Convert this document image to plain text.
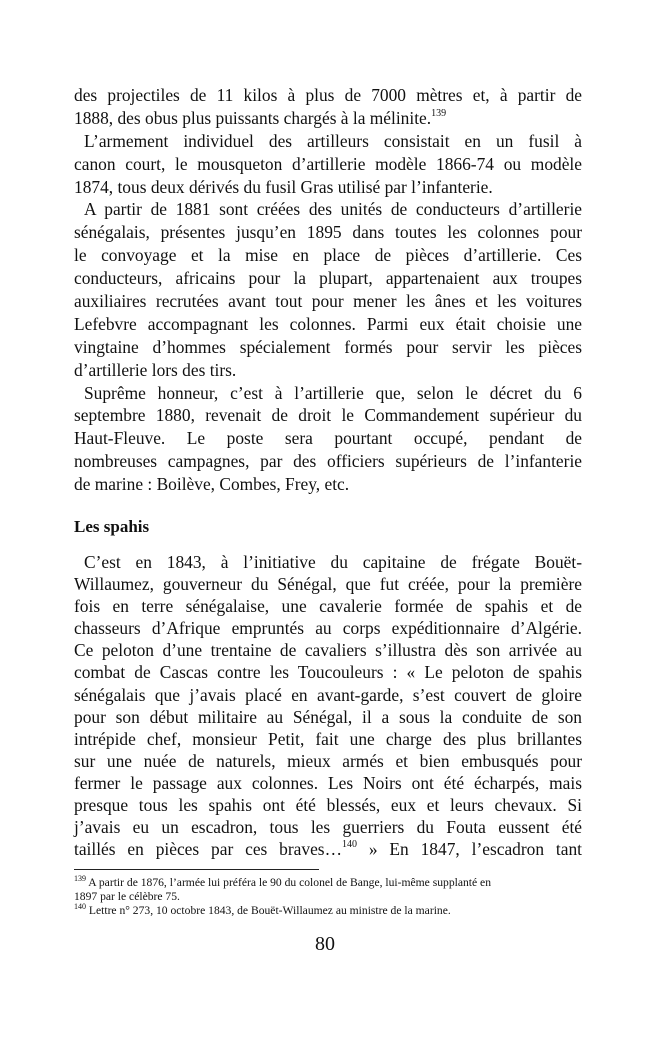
des projectiles de 11 kilos à plus de 7000 mètres et, à partir de
1888, des obus plus puissants chargés à la mélinite.$^{139}$
L’armement individuel des artilleurs consistait en un fusil à
canon court, le mousqueton d’artillerie modèle 1866-74 ou modèle
1874, tous deux dérivés du fusil Gras utilisé par l’infanterie.
A partir de 1881 sont créées des unités de conducteurs d’artillerie
sénégalais, présentes jusqu’en 1895 dans toutes les colonnes pour
le convoyage et la mise en place de pièces d’artillerie. Ces
conducteurs, africains pour la plupart, appartenaient aux troupes
auxiliaires recrutées avant tout pour mener les ânes et les voitures
Lefebvre accompagnant les colonnes. Parmi eux était choisie une
vingtaine d’hommes spécialement formés pour servir les pièces
d’artillerie lors des tirs.
Suprême honneur, c’est à l’artillerie que, selon le décret du 6
septembre 1880, revenait de droit le Commandement supérieur du
Haut-Fleuve. Le poste sera pourtant occupé, pendant de
nombreuses campagnes, par des officiers supérieurs de l’infanterie
de marine : Boilève, Combes, Frey, etc.
Les spahis
C’est en 1843, à l’initiative du capitaine de frégate Bouët-
Willaumez, gouverneur du Sénégal, que fut créée, pour la première
fois en terre sénégalaise, une cavalerie formée de spahis et de
chasseurs d’Afrique empruntés au corps expéditionnaire d’Algérie.
Ce peloton d’une trentaine de cavaliers s’illustra dès son arrivée au
combat de Cascas contre les Toucouleurs : « Le peloton de spahis
sénégalais que j’avais placé en avant-garde, s’est couvert de gloire
pour son début militaire au Sénégal, il a sous la conduite de son
intrépide chef, monsieur Petit, fait une charge des plus brillantes
sur une nuée de naturels, mieux armés et bien embusqués pour
fermer le passage aux colonnes. Les Noirs ont été écharpés, mais
presque tous les spahis ont été blessés, eux et leurs chevaux. Si
j’avais eu un escadron, tous les guerriers du Fouta eussent été
taillés en pièces par ces braves…$^{140}$ » En 1847, l’escadron tant
$^{139}$ A partir de 1876, l’armée lui préféra le 90 du colonel de Bange, lui-même supplanté en
1897 par le célèbre 75.
$^{140}$ Lettre n° 273, 10 octobre 1843, de Bouët-Willaumez au ministre de la marine.
80
